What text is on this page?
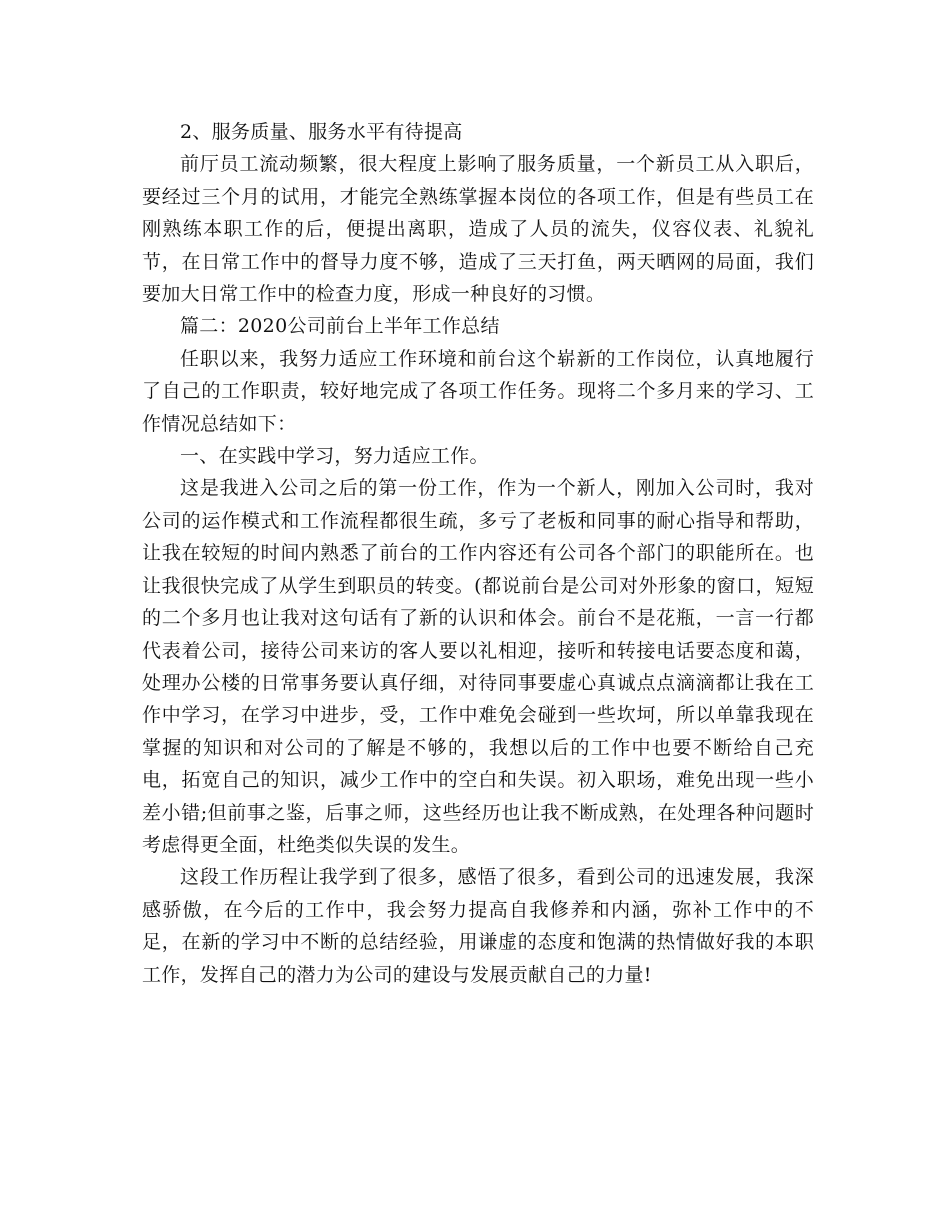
2、服务质量、服务水平有待提高

前厅员工流动频繁，很大程度上影响了服务质量，一个新员工从入职后，要经过三个月的试用，才能完全熟练掌握本岗位的各项工作，但是有些员工在刚熟练本职工作的后，便提出离职，造成了人员的流失，仪容仪表、礼貌礼节，在日常工作中的督导力度不够，造成了三天打鱼，两天晒网的局面，我们要加大日常工作中的检查力度，形成一种良好的习惯。

篇二：2020公司前台上半年工作总结

任职以来，我努力适应工作环境和前台这个崭新的工作岗位，认真地履行了自己的工作职责，较好地完成了各项工作任务。现将二个多月来的学习、工作情况总结如下：

一、在实践中学习，努力适应工作。

这是我进入公司之后的第一份工作，作为一个新人，刚加入公司时，我对公司的运作模式和工作流程都很生疏，多亏了老板和同事的耐心指导和帮助，让我在较短的时间内熟悉了前台的工作内容还有公司各个部门的职能所在。也让我很快完成了从学生到职员的转变。(都说前台是公司对外形象的窗口，短短的二个多月也让我对这句话有了新的认识和体会。前台不是花瓶，一言一行都代表着公司，接待公司来访的客人要以礼相迎，接听和转接电话要态度和蔼，处理办公楼的日常事务要认真仔细，对待同事要虚心真诚点点滴滴都让我在工作中学习，在学习中进步，受，工作中难免会碰到一些坎坷，所以单靠我现在掌握的知识和对公司的了解是不够的，我想以后的工作中也要不断给自己充电，拓宽自己的知识，减少工作中的空白和失误。初入职场，难免出现一些小差小错;但前事之鉴，后事之师，这些经历也让我不断成熟，在处理各种问题时考虑得更全面，杜绝类似失误的发生。

这段工作历程让我学到了很多，感悟了很多，看到公司的迅速发展，我深感骄傲，在今后的工作中，我会努力提高自我修养和内涵，弥补工作中的不足，在新的学习中不断的总结经验，用谦虚的态度和饱满的热情做好我的本职工作，发挥自己的潜力为公司的建设与发展贡献自己的力量!
